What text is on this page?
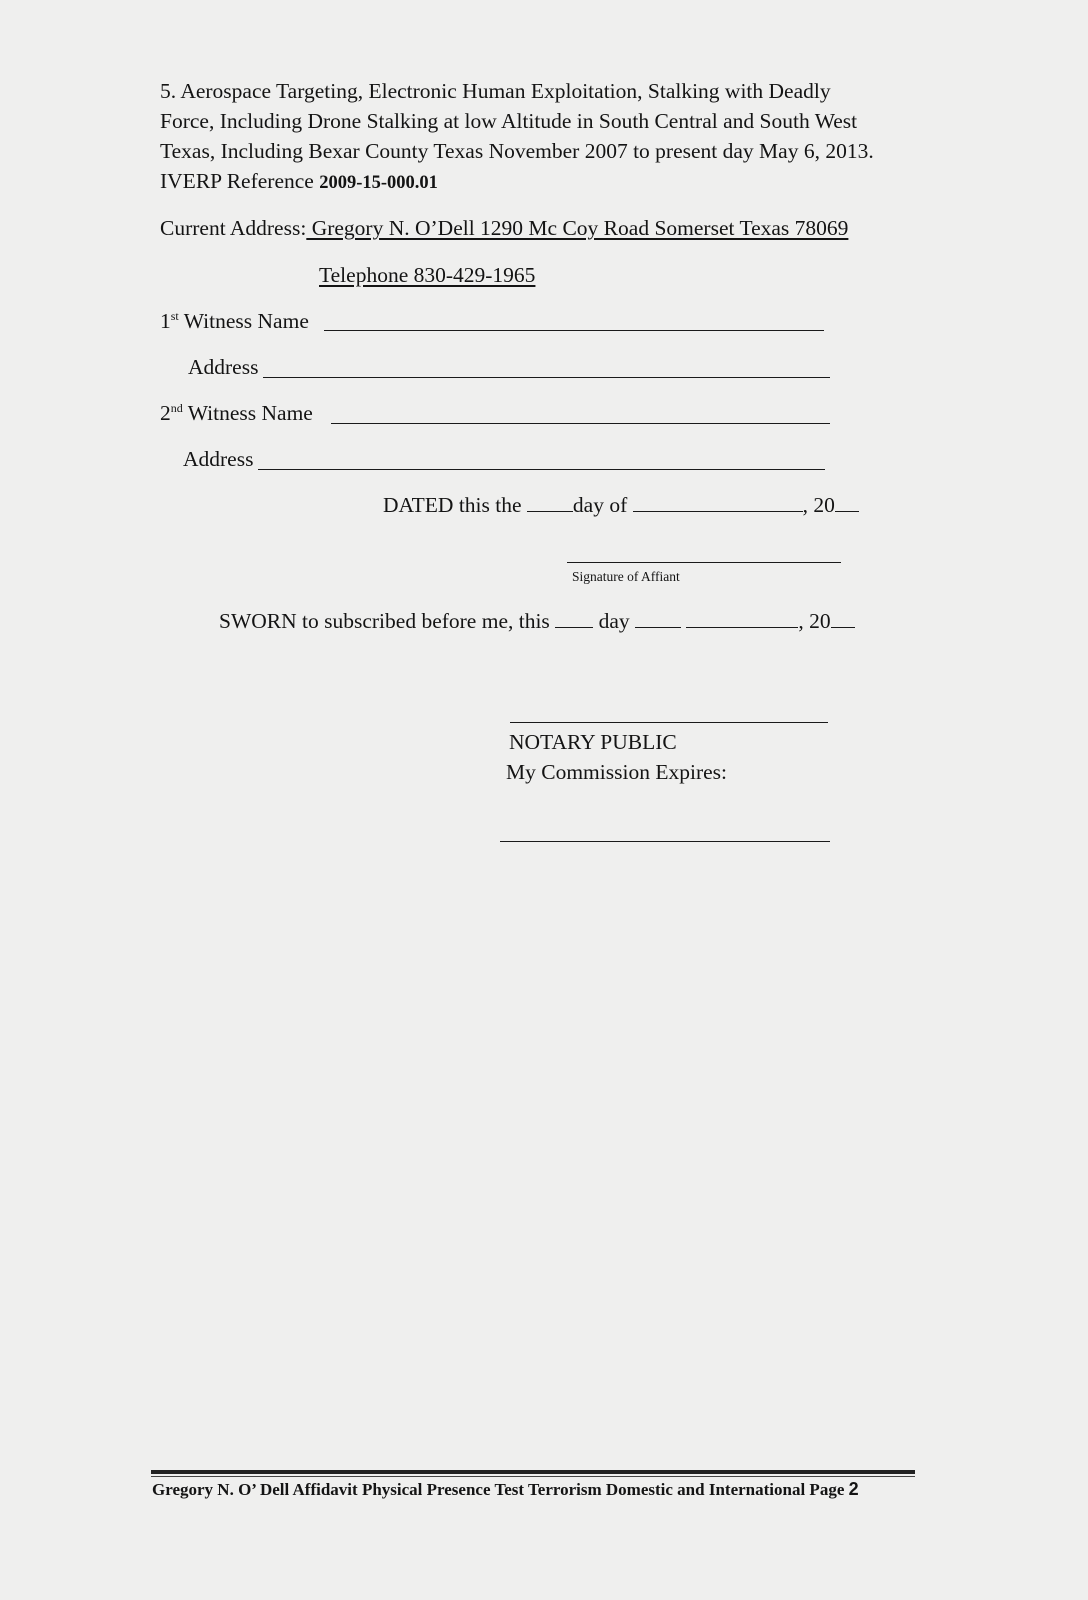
5. Aerospace Targeting, Electronic Human Exploitation, Stalking with Deadly
Force, Including Drone Stalking at low Altitude in South Central and South West
Texas, Including Bexar County Texas November 2007 to present day May 6, 2013.
IVERP Reference 2009-15-000.01
Current Address: Gregory N. O’Dell 1290 Mc Coy Road Somerset Texas 78069
Telephone 830-429-1965
1st Witness Name
Address
2nd Witness Name
Address
DATED this the day of	, 20
Signature of Affiant
SWORN to subscribed before me, this  day	, 20
NOTARY PUBLIC
My Commission Expires:
Gregory N. O’ Dell Affidavit Physical Presence Test Terrorism Domestic and International Page 2
